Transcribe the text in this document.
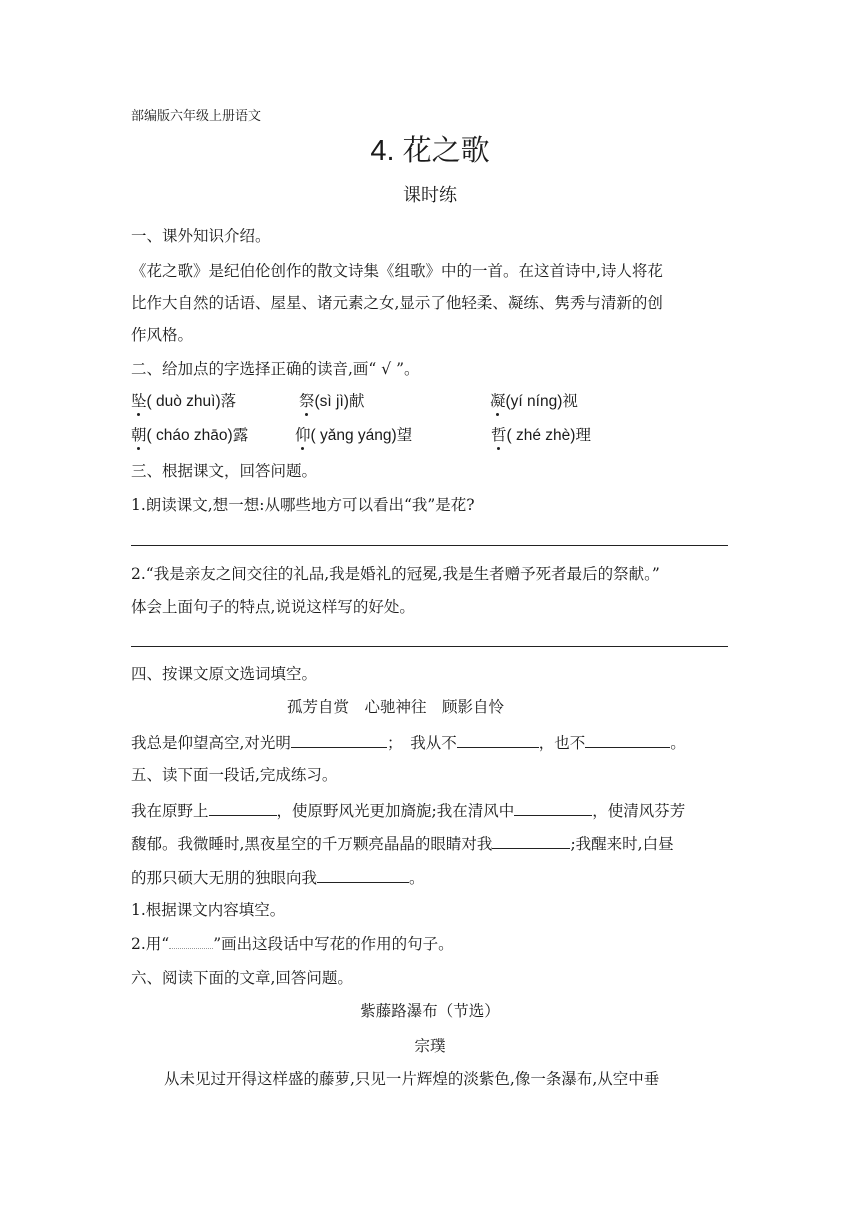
部编版六年级上册语文
4. 花之歌
课时练
一、课外知识介绍。
《花之歌》是纪伯伦创作的散文诗集《组歌》中的一首。在这首诗中,诗人将花
比作大自然的话语、屋星、诸元素之女,显示了他轻柔、凝练、隽秀与清新的创
作风格。
二、给加点的字选择正确的读音,画“ √ ”。
坠( duò zhuì)落	祭(sì jì)献	凝(yí níng)视
朝( cháo zhāo)露	仰( yǎng yáng)望	哲( zhé zhè)理
三、根据课文，回答问题。
1.朗读课文,想一想:从哪些地方可以看出“我”是花?
2.“我是亲友之间交往的礼品,我是婚礼的冠冕,我是生者赠予死者最后的祭献。”
体会上面句子的特点,说说这样写的好处。
四、按课文原文选词填空。
孤芳自赏　心驰神往　顾影自怜
我总是仰望高空,对光明	；　我从不	，也不	。
五、读下面一段话,完成练习。
我在原野上	，使原野风光更加旖旎;我在清风中	，使清风芬芳
馥郁。我微睡时,黑夜星空的千万颗亮晶晶的眼睛对我	;我醒来时,白昼
的那只硕大无朋的独眼向我	。
1.根据课文内容填空。
2.用“	”画出这段话中写花的作用的句子。
六、阅读下面的文章,回答问题。
紫藤路瀑布（节选）
宗璞
从未见过开得这样盛的藤萝,只见一片辉煌的淡紫色,像一条瀑布,从空中垂
